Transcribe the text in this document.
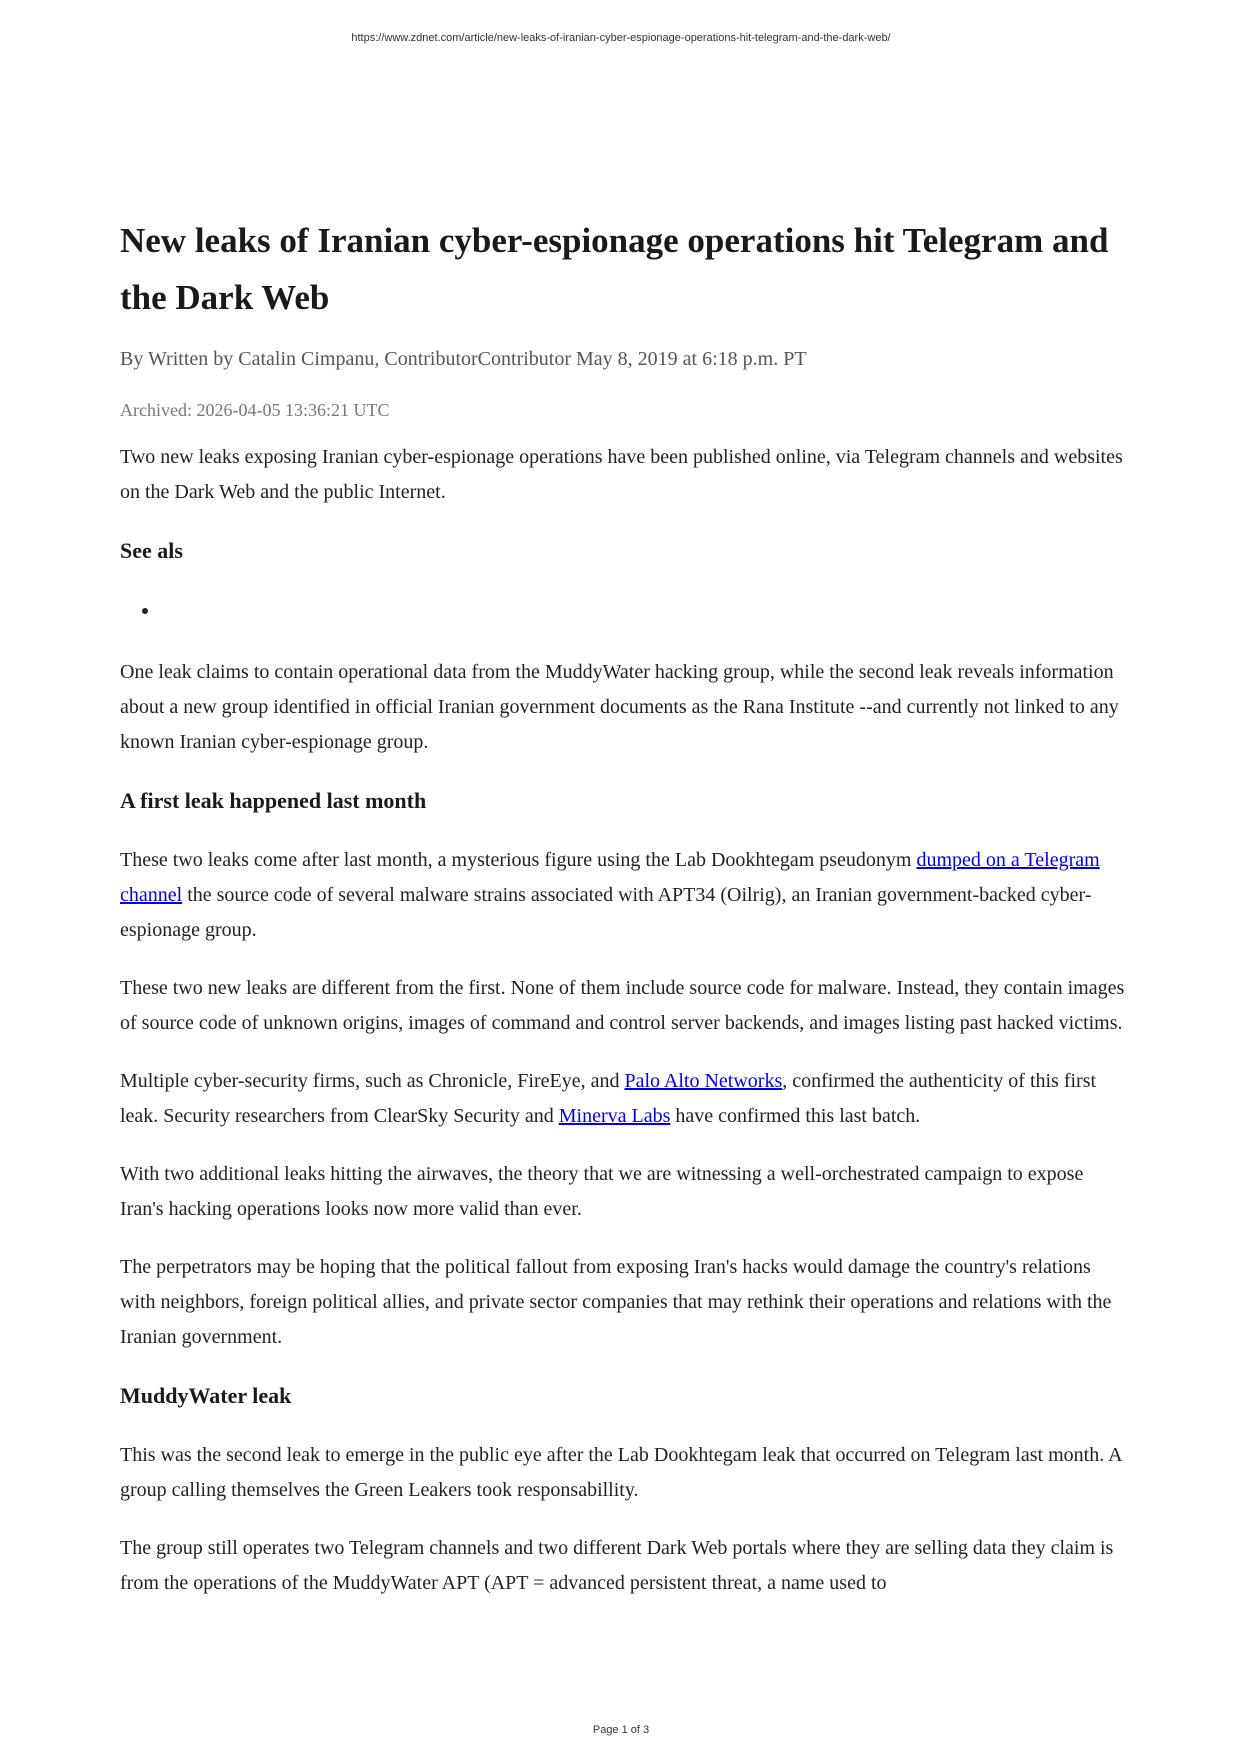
https://www.zdnet.com/article/new-leaks-of-iranian-cyber-espionage-operations-hit-telegram-and-the-dark-web/
New leaks of Iranian cyber-espionage operations hit Telegram and the Dark Web
By Written by Catalin Cimpanu, ContributorContributor May 8, 2019 at 6:18 p.m. PT
Archived: 2026-04-05 13:36:21 UTC

Two new leaks exposing Iranian cyber-espionage operations have been published online, via Telegram channels and websites on the Dark Web and the public Internet.

See als
•

One leak claims to contain operational data from the MuddyWater hacking group, while the second leak reveals information about a new group identified in official Iranian government documents as the Rana Institute --and currently not linked to any known Iranian cyber-espionage group.

A first leak happened last month

These two leaks come after last month, a mysterious figure using the Lab Dookhtegam pseudonym dumped on a Telegram channel the source code of several malware strains associated with APT34 (Oilrig), an Iranian government-backed cyber-espionage group.

These two new leaks are different from the first. None of them include source code for malware. Instead, they contain images of source code of unknown origins, images of command and control server backends, and images listing past hacked victims.

Multiple cyber-security firms, such as Chronicle, FireEye, and Palo Alto Networks, confirmed the authenticity of this first leak. Security researchers from ClearSky Security and Minerva Labs have confirmed this last batch.

With two additional leaks hitting the airwaves, the theory that we are witnessing a well-orchestrated campaign to expose Iran's hacking operations looks now more valid than ever.

The perpetrators may be hoping that the political fallout from exposing Iran's hacks would damage the country's relations with neighbors, foreign political allies, and private sector companies that may rethink their operations and relations with the Iranian government.

MuddyWater leak

This was the second leak to emerge in the public eye after the Lab Dookhtegam leak that occurred on Telegram last month. A group calling themselves the Green Leakers took responsabillity.

The group still operates two Telegram channels and two different Dark Web portals where they are selling data they claim is from the operations of the MuddyWater APT (APT = advanced persistent threat, a name used to

Page 1 of 3
